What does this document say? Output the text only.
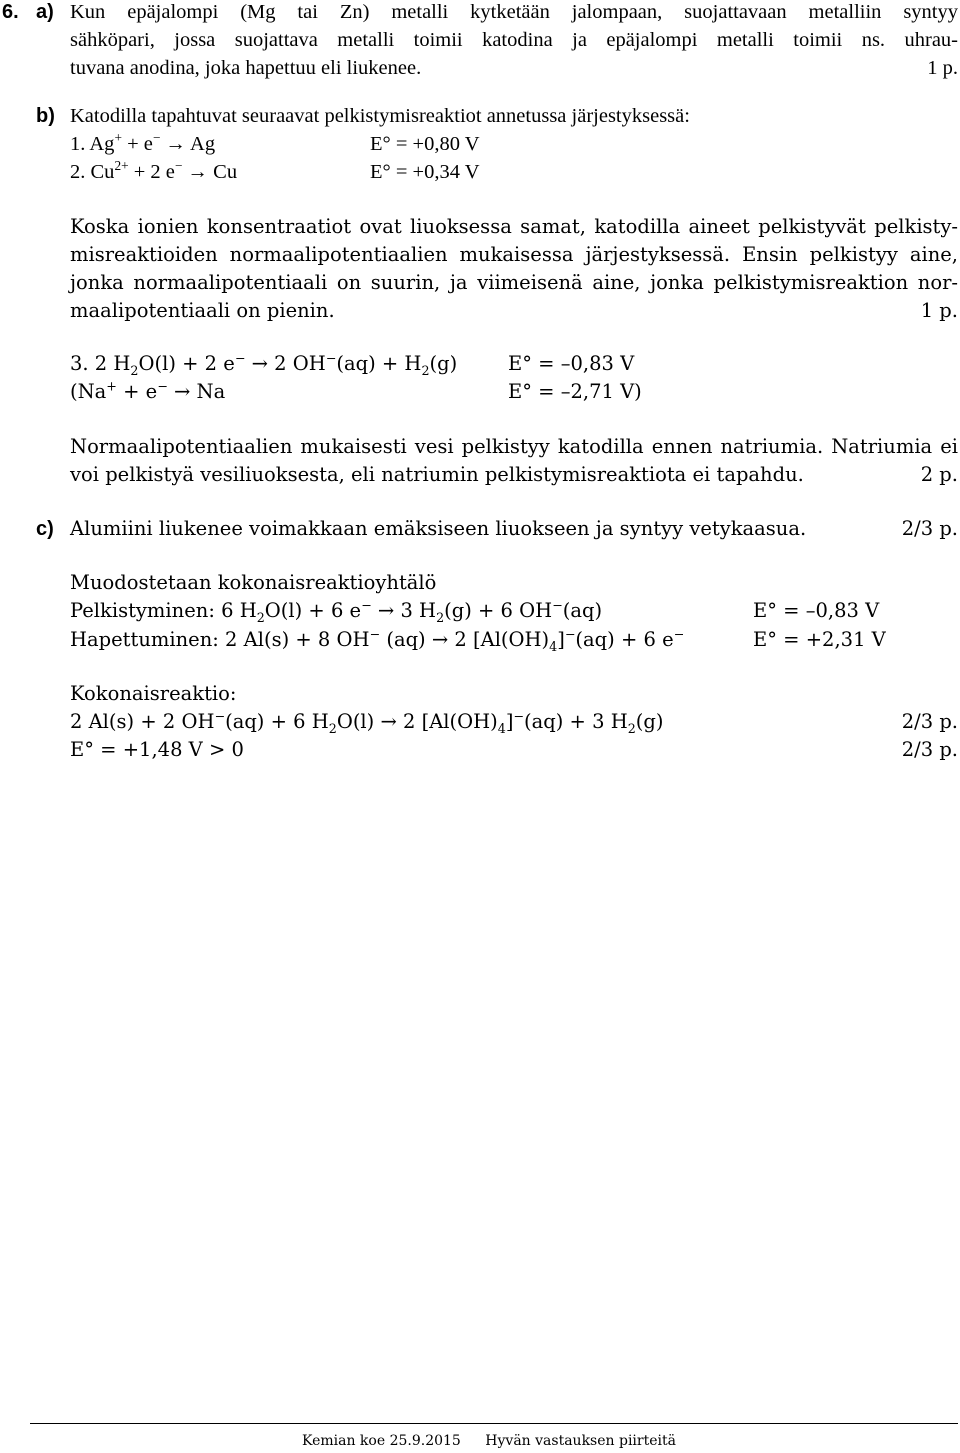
6. a) Kun epäjalompi (Mg tai Zn) metalli kytketään jalompaan, suojattavaan metalliin syntyy
sähköpari, jossa suojattava metalli toimii katodina ja epäjalompi metalli toimii ns. uhrau-
tuvana anodina, joka hapettuu eli liukenee.	1 p.
b) Katodilla tapahtuvat seuraavat pelkistymisreaktiot annetussa järjestyksessä:
1. Ag+ + e− → Ag	E° = +0,80 V
2. $Cu^{2+} + 2$ e− → Cu	E° = +0,34 V
Koska ionien konsentraatiot ovat liuoksessa samat, katodilla aineet pelkistyvät pelkisty-
misreaktioiden normaalipotentiaalien mukaisessa järjestyksessä. Ensin pelkistyy aine,
jonka normaalipotentiaali on suurin, ja viimeisenä aine, jonka pelkistymisreaktion nor-
maalipotentiaali on pienin.	1 p.
3. 2 $H_2O(l) + 2$ e− → 2 $OH^-(aq) + H_2(g)$	E° = –0,83 V
(Na+ + e− → Na	E° = –2,71 V)
Normaalipotentiaalien mukaisesti vesi pelkistyy katodilla ennen natriumia. Natriumia ei
voi pelkistyä vesiliuoksesta, eli natriumin pelkistymisreaktiota ei tapahdu.	2 p.
c) Alumiini liukenee voimakkaan emäksiseen liuokseen ja syntyy vetykaasua.	2/3 p.
Muodostetaan kokonaisreaktioyhtälö
Pelkistyminen: 6 $H_2O(l) + 6$ e− → 3 $H_2(g) + 6$ OH−(aq)	E° = –0,83 V
Hapettuminen: 2 Al(s) + 8 OH− (aq) → 2 $[Al(OH)_4]^-(aq) + 6$ e−	E° = +2,31 V
Kokonaisreaktio:
2 Al(s) + 2 OH−(aq) + 6 $H_2O(l) \to 2$ $[Al(OH)_4]^-(aq) + 3$ $H_2(g)$	2/3 p.
E° = +1,48 V > 0	2/3 p.
Kemian koe 25.9.2015 Hyvän vastauksen piirteitä
